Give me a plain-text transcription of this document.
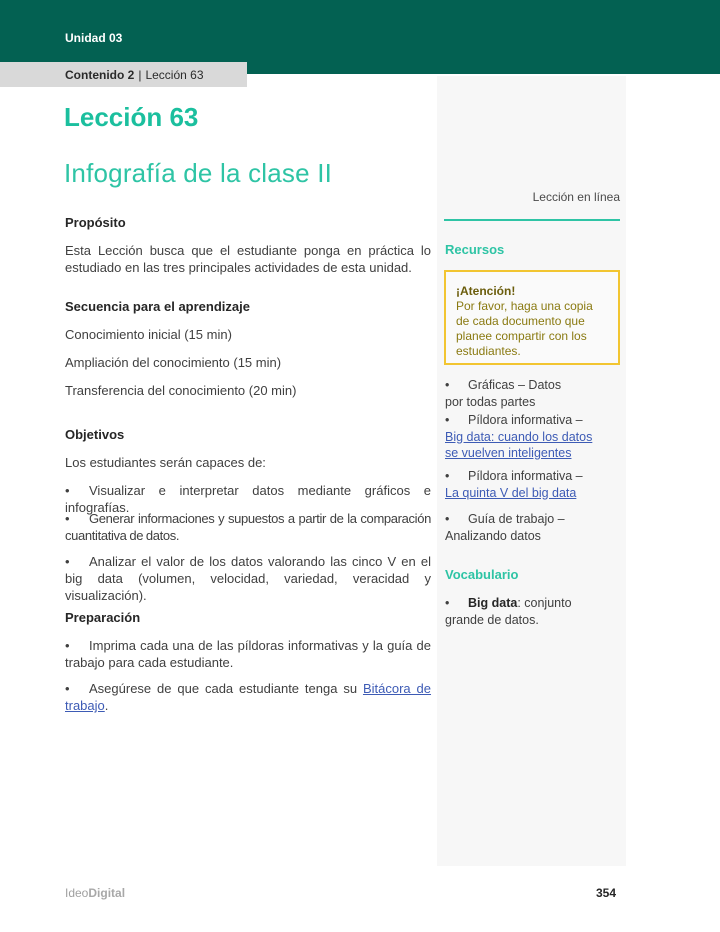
Unidad 03
Contenido 2 | Lección 63
Lección 63
Infografía de la clase II
Propósito
Esta Lección busca que el estudiante ponga en práctica lo estudiado en las tres principales actividades de esta unidad.
Secuencia para el aprendizaje
Conocimiento inicial (15 min)
Ampliación del conocimiento (15 min)
Transferencia del conocimiento (20 min)
Objetivos
Los estudiantes serán capaces de:
• Visualizar e interpretar datos mediante gráficos e infografías.
• Generar informaciones y supuestos a partir de la comparación cuantitativa de datos.
• Analizar el valor de los datos valorando las cinco V en el big data (volumen, velocidad, variedad, veracidad y visualización).
Preparación
• Imprima cada una de las píldoras informativas y la guía de trabajo para cada estudiante.
• Asegúrese de que cada estudiante tenga su Bitácora de trabajo.
Lección en línea
Recursos
¡Atención!
Por favor, haga una copia de cada documento que planee compartir con los estudiantes.
• Gráficas – Datos por todas partes
• Píldora informativa –
Big data: cuando los datos se vuelven inteligentes
• Píldora informativa –
La quinta V del big data
• Guía de trabajo – Analizando datos
Vocabulario
• Big data: conjunto grande de datos.
IdeoDigital	354
